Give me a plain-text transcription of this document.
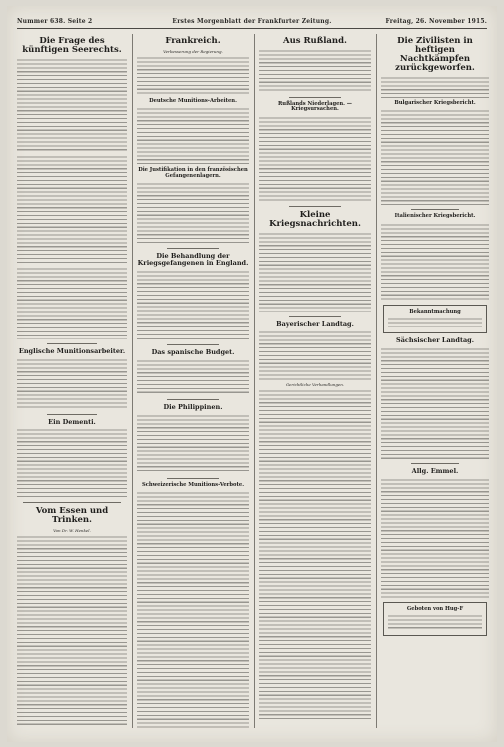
Nummer 638. Seite 2	Erstes Morgenblatt der Frankfurter Zeitung.	Freitag, 26. November 1915.
Die Frage des künftigen Seerechts.
Englische Munitionsarbeiter.
Ein Dementi.
Vom Essen und Trinken.
Von Dr. W. Henkel.
Frankreich.
Verbesserung der Regierung.
Deutsche Munitions-Arbeiten.
Die Justifikation in den französischen Gefangenenlagern.
Die Behandlung der Kriegsgefangenen in England.
Das spanische Budget.
Die Philippinen.
Schweizerische Munitions-Verbote.
Aus Rußland.
Rußlands Niederlagen. — Kriegsursachen.
Kleine Kriegsnachrichten.
Bayerischer Landtag.
Gerichtliche Verhandlungen.
Die Zivilisten in heftigen Nachtkämpfen zurückgeworfen.
Bulgarischer Kriegsbericht.
Italienischer Kriegsbericht.
Bekanntmachung
Sächsischer Landtag.
Allg. Emmel.
Geboten von Hug-F
